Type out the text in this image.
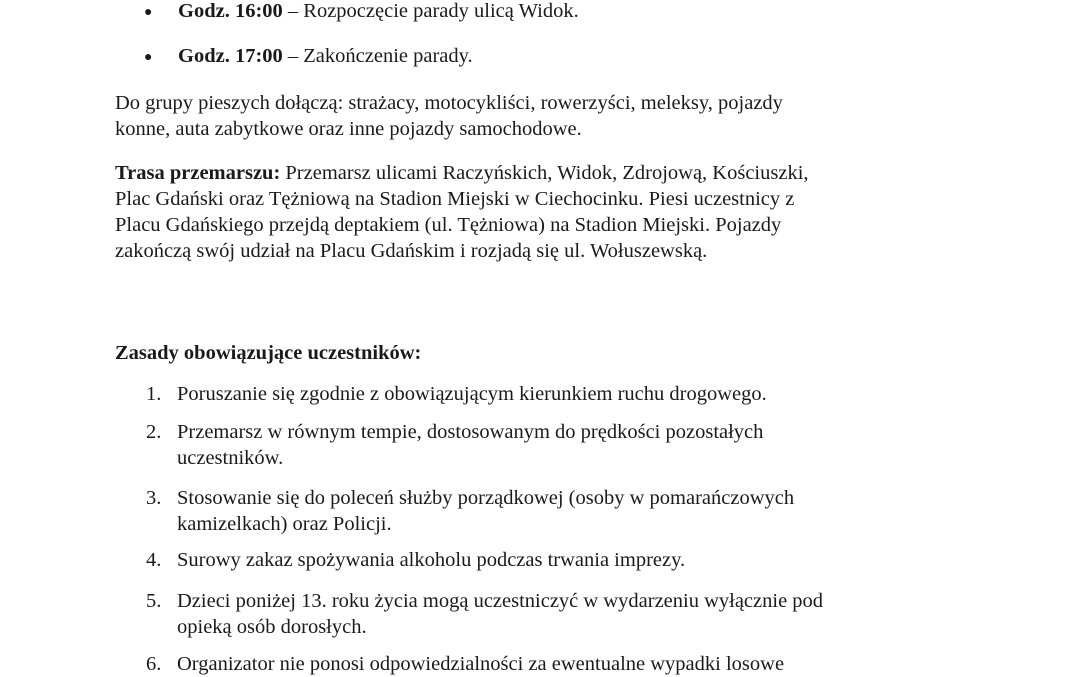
● Godz. 16:00 – Rozpoczęcie parady ulicą Widok.
● Godz. 17:00 – Zakończenie parady.

Do grupy pieszych dołączą: strażacy, motocykliści, rowerzyści, meleksy, pojazdy
konne, auta zabytkowe oraz inne pojazdy samochodowe.

Trasa przemarszu: Przemarsz ulicami Raczyńskich, Widok, Zdrojową, Kościuszki,
Plac Gdański oraz Tężniową na Stadion Miejski w Ciechocinku. Piesi uczestnicy z
Placu Gdańskiego przejdą deptakiem (ul. Tężniowa) na Stadion Miejski. Pojazdy
zakończą swój udział na Placu Gdańskim i rozjadą się ul. Wołuszewską.

Zasady obowiązujące uczestników:

1. Poruszanie się zgodnie z obowiązującym kierunkiem ruchu drogowego.
2. Przemarsz w równym tempie, dostosowanym do prędkości pozostałych
uczestników.
3. Stosowanie się do poleceń służby porządkowej (osoby w pomarańczowych
kamizelkach) oraz Policji.
4. Surowy zakaz spożywania alkoholu podczas trwania imprezy.
5. Dzieci poniżej 13. roku życia mogą uczestniczyć w wydarzeniu wyłącznie pod
opieką osób dorosłych.
6. Organizator nie ponosi odpowiedzialności za ewentualne wypadki losowe
